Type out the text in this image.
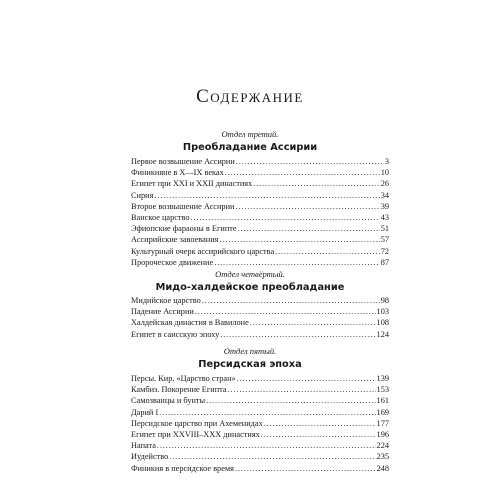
Содержание
Отдел третий.
Преобладание Ассирии
Первое возвышение Ассирии . . .	3
Финикияне в X—IX веках . . .	10
Египет при XXI и XXII династиях . . .	26
Сирия . . .	34
Второе возвышение Ассирии . . .	39
Ванское царство . . .	43
Эфиопские фараоны в Египте . . .	51
Ассирийские завоевания . . .	57
Культурный очерк ассирийского царства . . .	72
Пророческое движение . . .	87
Отдел четвёртый.
Мидо-халдейское преобладание
Мидийское царство . . .	98
Падение Ассирии . . .	103
Халдейская династия в Вавилоне . . .	108
Египет в саисскую эпоху . . .	124
Отдел пятый.
Персидская эпоха
Персы. Кир. «Царство стран» . . .	139
Камбиз. Покорение Египта . . .	153
Самозванцы и бунты . . .	161
Дарий I . . .	169
Персидское царство при Ахеменидах . . .	177
Египет при XXVIII–XXX династиях . . .	196
Напата . . .	224
Иудейство . . .	235
Финикия в персидское время . . .	248
